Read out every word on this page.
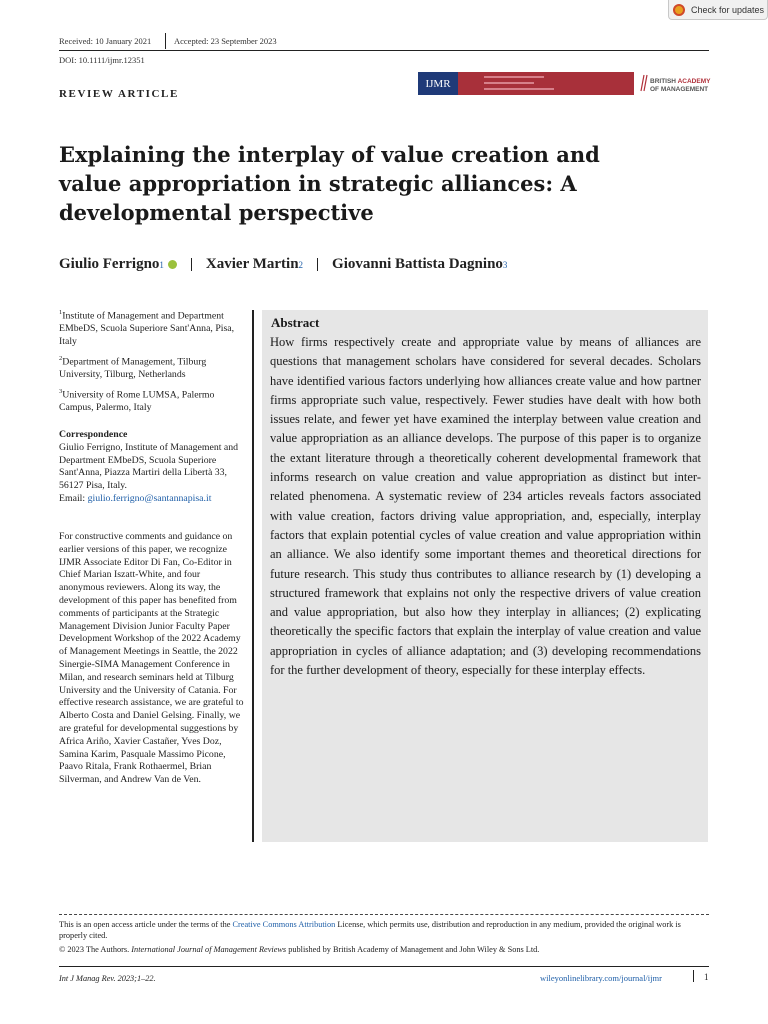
Check for updates
Received: 10 January 2021	Accepted: 23 September 2023
DOI: 10.1111/ijmr.12351
REVIEW ARTICLE
IJMR	BRITISH ACADEMY
OF MANAGEMENT
Explaining the interplay of value creation and value appropriation in strategic alliances: A developmental perspective
Giulio Ferrigno 1	Xavier Martin 2 Giovanni Battista Dagnino 3
$^1$Institute of Management and Department EMbeDS, Scuola Superiore Sant'Anna, Pisa, Italy
$^2$Department of Management, Tilburg University, Tilburg, Netherlands
$^3$University of Rome LUMSA, Palermo Campus, Palermo, Italy
Correspondence
Giulio Ferrigno, Institute of Management and Department EMbeDS, Scuola Superiore Sant'Anna, Piazza Martiri della Libertà 33, 56127 Pisa, Italy.
Email: giulio.ferrigno@santannapisa.it
For constructive comments and guidance on earlier versions of this paper, we recognize IJMR Associate Editor Di Fan, Co-Editor in Chief Marian Iszatt-White, and four anonymous reviewers. Along its way, the development of this paper has benefited from comments of participants at the Strategic Management Division Junior Faculty Paper Development Workshop of the 2022 Academy of Management Meetings in Seattle, the 2022 Sinergie-SIMA Management Conference in Milan, and research seminars held at Tilburg University and the University of Catania. For effective research assistance, we are grateful to Alberto Costa and Daniel Gelsing. Finally, we are grateful for developmental suggestions by Africa Ariño, Xavier Castañer, Yves Doz, Samina Karim, Pasquale Massimo Picone, Paavo Ritala, Frank Rothaermel, Brian Silverman, and Andrew Van de Ven.
Abstract
How firms respectively create and appropriate value by means of alliances are questions that management scholars have considered for several decades. Scholars have identified various factors underlying how alliances create value and how partner firms appropriate such value, respectively. Fewer studies have dealt with how both issues relate, and fewer yet have examined the interplay between value creation and value appropriation as an alliance develops. The purpose of this paper is to organize the extant literature through a theoretically coherent developmental framework that informs research on value creation and value appropriation as distinct but inter-related phenomena. A systematic review of 234 articles reveals factors associated with value creation, factors driving value appropriation, and, especially, interplay factors that explain potential cycles of value creation and value appropriation within an alliance. We also identify some important themes and theoretical directions for future research. This study thus contributes to alliance research by (1) developing a structured framework that explains not only the respective drivers of value creation and value appropriation, but also how they interplay in alliances; (2) explicating theoretically the specific factors that explain the interplay of value creation and value appropriation in cycles of alliance adaptation; and (3) developing recommendations for the further development of theory, especially for these interplay effects.
This is an open access article under the terms of the Creative Commons Attribution License, which permits use, distribution and reproduction in any medium, provided the original work is properly cited.
© 2023 The Authors. International Journal of Management Reviews published by British Academy of Management and John Wiley & Sons Ltd.
Int J Manag Rev. 2023;1–22.	wileyonlinelibrary.com/journal/ijmr	1
